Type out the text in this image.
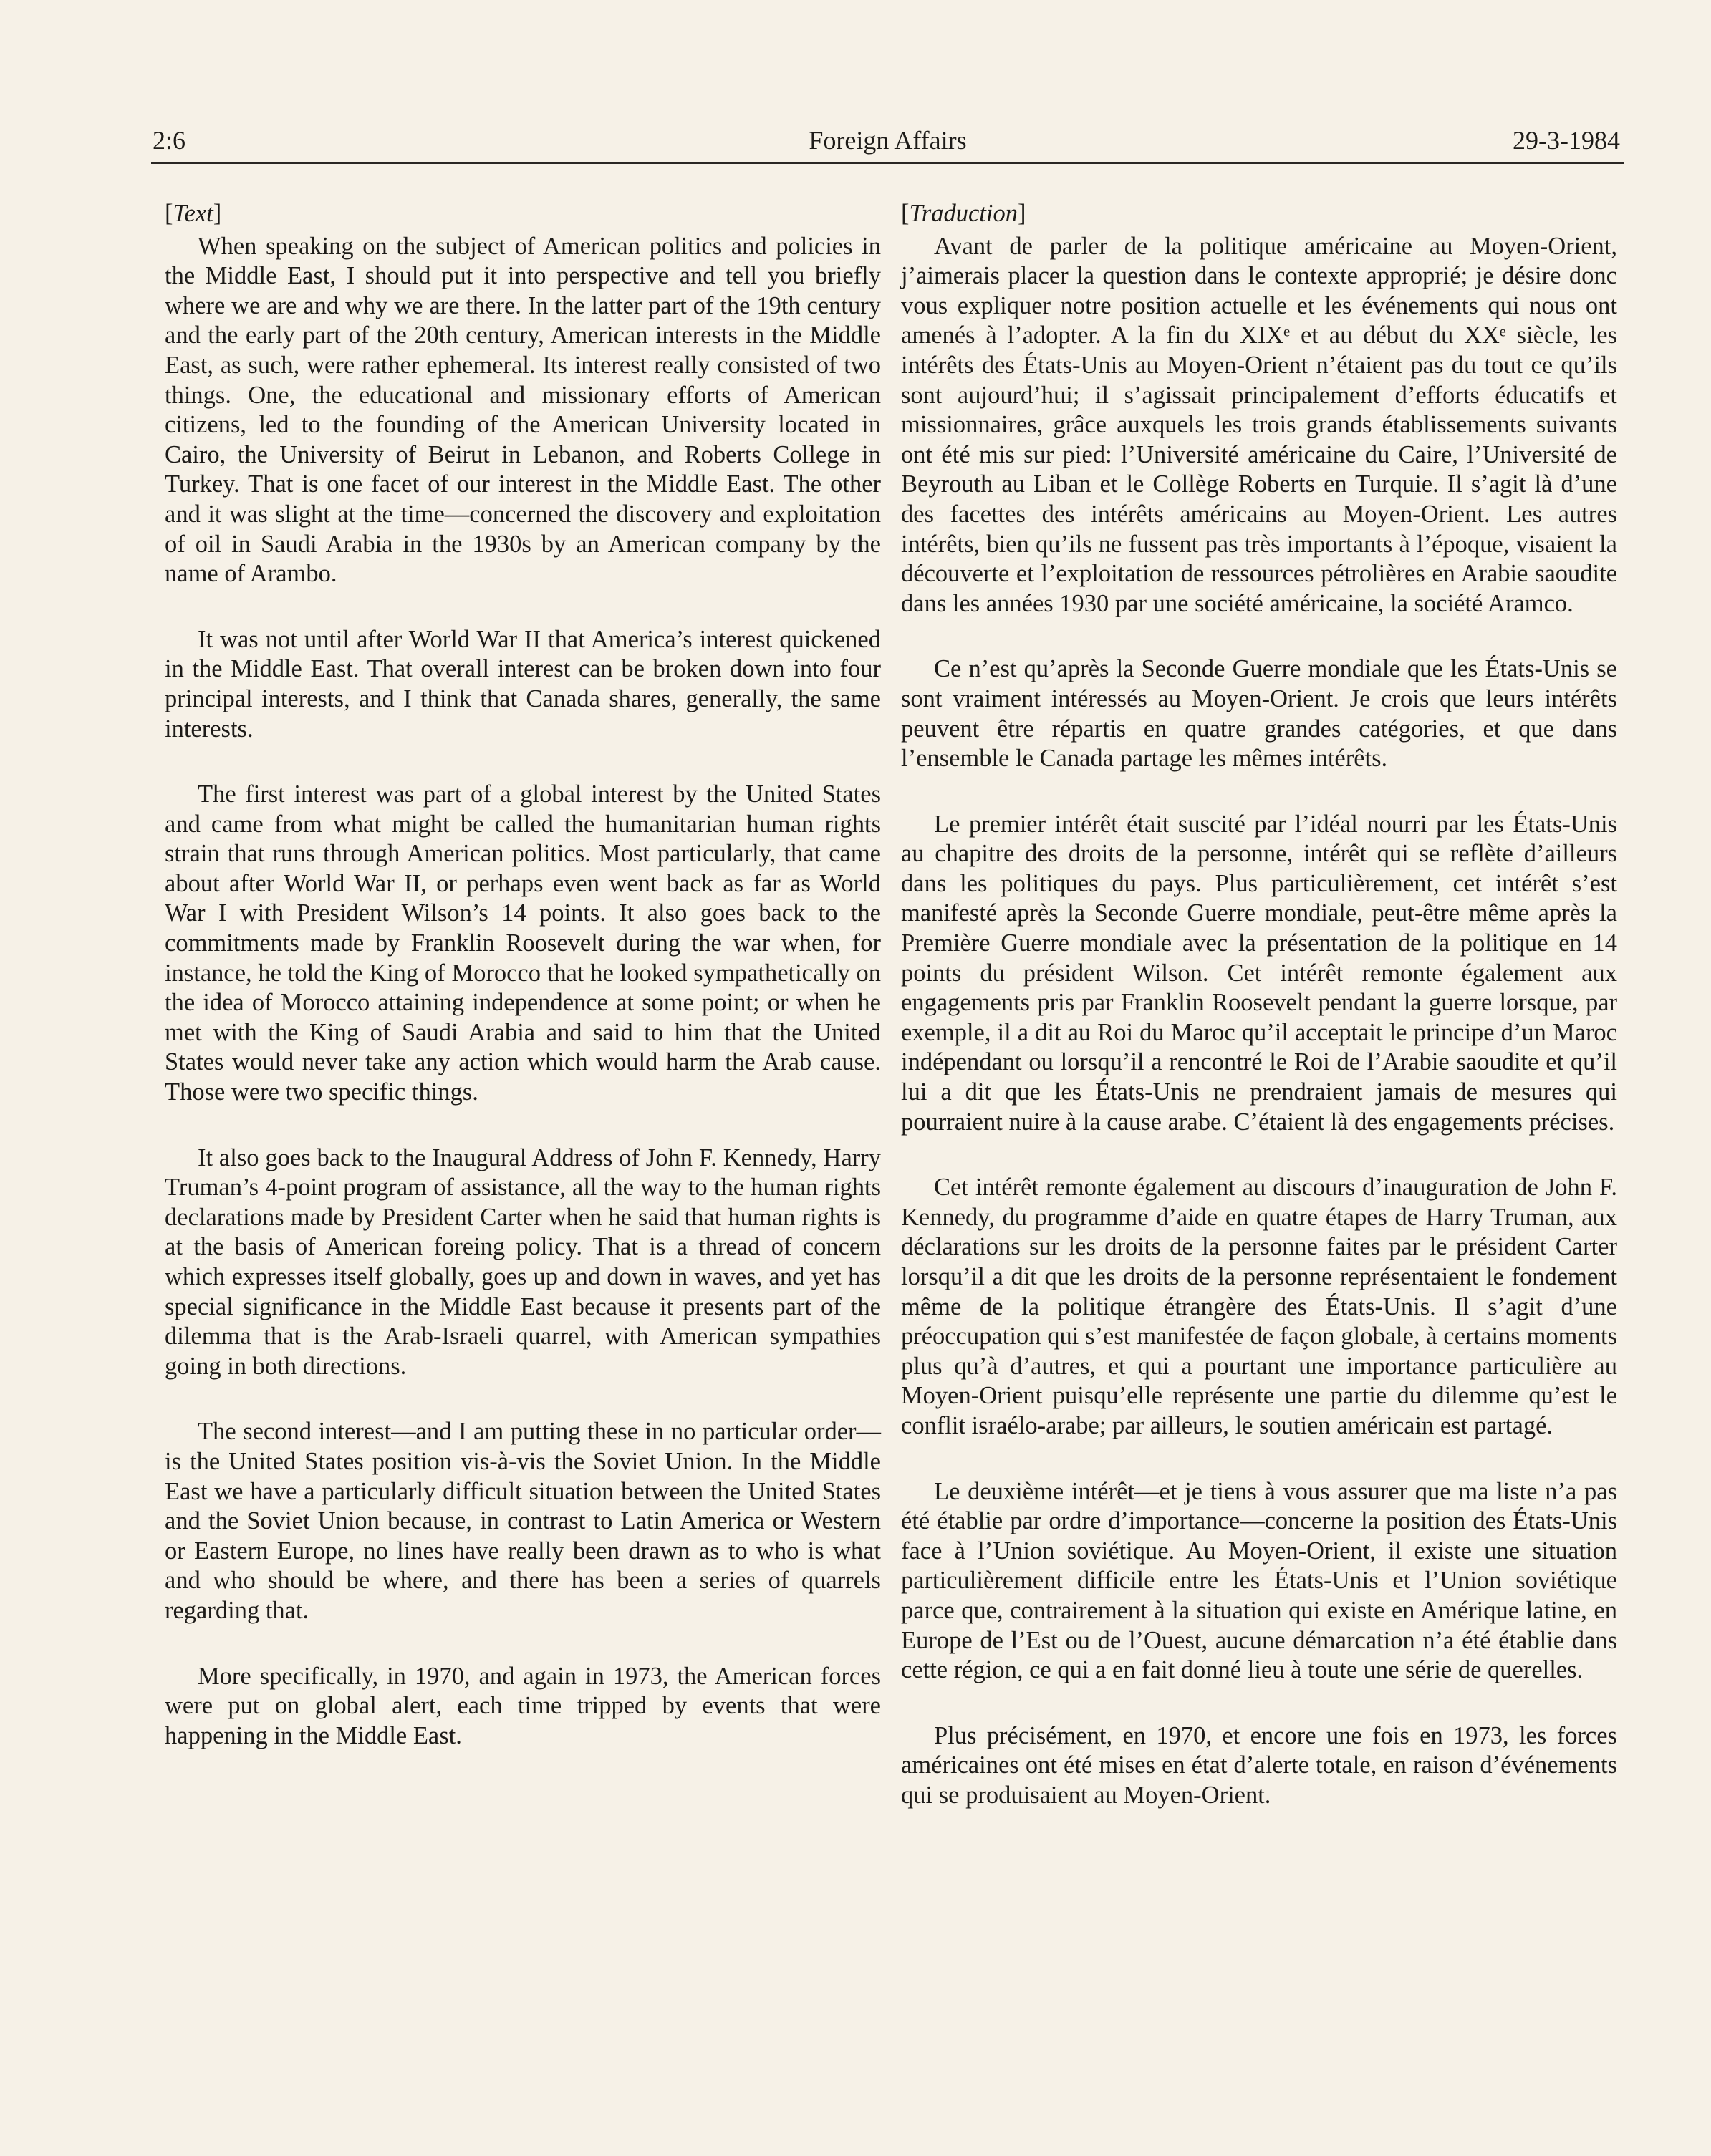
2:6	Foreign Affairs	29-3-1984
[Text]

When speaking on the subject of American politics and policies in the Middle East, I should put it into perspective and tell you briefly where we are and why we are there. In the latter part of the 19th century and the early part of the 20th century, American interests in the Middle East, as such, were rather ephemeral. Its interest really consisted of two things. One, the educational and missionary efforts of American citizens, led to the founding of the American University located in Cairo, the University of Beirut in Lebanon, and Roberts College in Turkey. That is one facet of our interest in the Middle East. The other and it was slight at the time—concerned the discovery and exploitation of oil in Saudi Arabia in the 1930s by an American company by the name of Arambo.

It was not until after World War II that America’s interest quickened in the Middle East. That overall interest can be broken down into four principal interests, and I think that Canada shares, generally, the same interests.

The first interest was part of a global interest by the United States and came from what might be called the humanitarian human rights strain that runs through American politics. Most particularly, that came about after World War II, or perhaps even went back as far as World War I with President Wilson’s 14 points. It also goes back to the commitments made by Franklin Roosevelt during the war when, for instance, he told the King of Morocco that he looked sympathetically on the idea of Morocco attaining independence at some point; or when he met with the King of Saudi Arabia and said to him that the United States would never take any action which would harm the Arab cause. Those were two specific things.

It also goes back to the Inaugural Address of John F. Kennedy, Harry Truman’s 4-point program of assistance, all the way to the human rights declarations made by President Carter when he said that human rights is at the basis of American foreing policy. That is a thread of concern which expresses itself globally, goes up and down in waves, and yet has special significance in the Middle East because it presents part of the dilemma that is the Arab-Israeli quarrel, with American sympathies going in both directions.

The second interest—and I am putting these in no particular order—is the United States position vis-à-vis the Soviet Union. In the Middle East we have a particularly difficult situation between the United States and the Soviet Union because, in contrast to Latin America or Western or Eastern Europe, no lines have really been drawn as to who is what and who should be where, and there has been a series of quarrels regarding that.

More specifically, in 1970, and again in 1973, the American forces were put on global alert, each time tripped by events that were happening in the Middle East.

[Traduction]

Avant de parler de la politique américaine au Moyen-Orient, j’aimerais placer la question dans le contexte approprié; je désire donc vous expliquer notre position actuelle et les événements qui nous ont amenés à l’adopter. A la fin du XIXᵉ et au début du XXᵉ siècle, les intérêts des États-Unis au Moyen-Orient n’étaient pas du tout ce qu’ils sont aujourd’hui; il s’agissait principalement d’efforts éducatifs et missionnaires, grâce auxquels les trois grands établissements suivants ont été mis sur pied: l’Université américaine du Caire, l’Université de Beyrouth au Liban et le Collège Roberts en Turquie. Il s’agit là d’une des facettes des intérêts américains au Moyen-Orient. Les autres intérêts, bien qu’ils ne fussent pas très importants à l’époque, visaient la découverte et l’exploitation de ressources pétrolières en Arabie saoudite dans les années 1930 par une société américaine, la société Aramco.

Ce n’est qu’après la Seconde Guerre mondiale que les États-Unis se sont vraiment intéressés au Moyen-Orient. Je crois que leurs intérêts peuvent être répartis en quatre grandes catégories, et que dans l’ensemble le Canada partage les mêmes intérêts.

Le premier intérêt était suscité par l’idéal nourri par les États-Unis au chapitre des droits de la personne, intérêt qui se reflète d’ailleurs dans les politiques du pays. Plus particulièrement, cet intérêt s’est manifesté après la Seconde Guerre mondiale, peut-être même après la Première Guerre mondiale avec la présentation de la politique en 14 points du président Wilson. Cet intérêt remonte également aux engagements pris par Franklin Roosevelt pendant la guerre lorsque, par exemple, il a dit au Roi du Maroc qu’il acceptait le principe d’un Maroc indépendant ou lorsqu’il a rencontré le Roi de l’Arabie saoudite et qu’il lui a dit que les États-Unis ne prendraient jamais de mesures qui pourraient nuire à la cause arabe. C’étaient là des engagements précises.

Cet intérêt remonte également au discours d’inauguration de John F. Kennedy, du programme d’aide en quatre étapes de Harry Truman, aux déclarations sur les droits de la personne faites par le président Carter lorsqu’il a dit que les droits de la personne représentaient le fondement même de la politique étrangère des États-Unis. Il s’agit d’une préoccupation qui s’est manifestée de façon globale, à certains moments plus qu’à d’autres, et qui a pourtant une importance particulière au Moyen-Orient puisqu’elle représente une partie du dilemme qu’est le conflit israélo-arabe; par ailleurs, le soutien américain est partagé.

Le deuxième intérêt—et je tiens à vous assurer que ma liste n’a pas été établie par ordre d’importance—concerne la position des États-Unis face à l’Union soviétique. Au Moyen-Orient, il existe une situation particulièrement difficile entre les États-Unis et l’Union soviétique parce que, contrairement à la situation qui existe en Amérique latine, en Europe de l’Est ou de l’Ouest, aucune démarcation n’a été établie dans cette région, ce qui a en fait donné lieu à toute une série de querelles.

Plus précisément, en 1970, et encore une fois en 1973, les forces américaines ont été mises en état d’alerte totale, en raison d’événements qui se produisaient au Moyen-Orient.
